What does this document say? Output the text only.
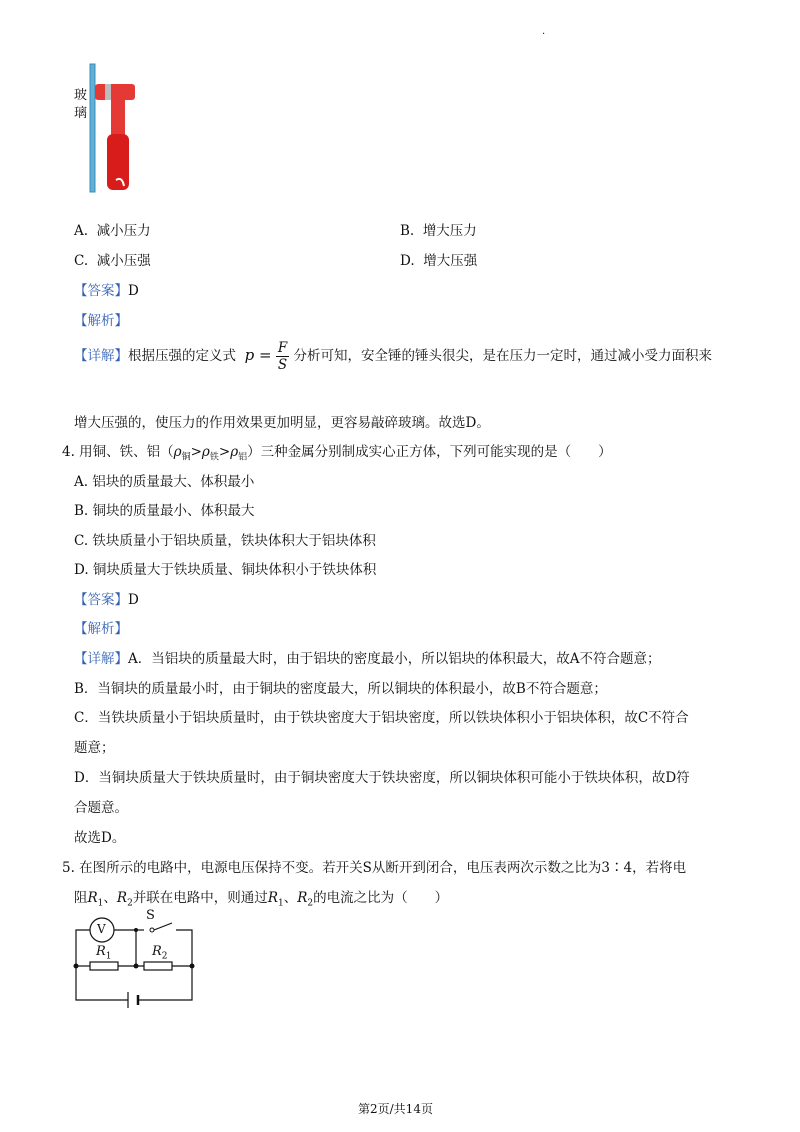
.
玻
璃
A. 减小压力	B. 增大压力
C. 减小压强	D. 增大压强
【答案】D
【解析】
【详解】根据压强的定义式 $p = \frac{F}{S}$ 分析可知，安全锤的锤头很尖，是在压力一定时，通过减小受力面积来
增大压强的，使压力的作用效果更加明显，更容易敲碎玻璃。故选D。
4. 用铜、铁、铝$(\rho_铜>\rho_铁>\rho_铝)$三种金属分别制成实心正方体，下列可能实现的是（　　）
A. 铝块的质量最大、体积最小
B. 铜块的质量最小、体积最大
C. 铁块质量小于铝块质量，铁块体积大于铝块体积
D. 铜块质量大于铁块质量、铜块体积小于铁块体积
【答案】D
【解析】
【详解】A．当铝块的质量最大时，由于铝块的密度最小，所以铝块的体积最大，故A不符合题意；
B．当铜块的质量最小时，由于铜块的密度最大，所以铜块的体积最小，故B不符合题意；
C．当铁块质量小于铝块质量时，由于铁块密度大于铝块密度，所以铁块体积小于铝块体积，故C不符合
题意；
D．当铜块质量大于铁块质量时，由于铜块密度大于铁块密度，所以铜块体积可能小于铁块体积，故D符
合题意。
故选D。
5. 在图所示的电路中，电源电压保持不变。若开关S从断开到闭合，电压表两次示数之比为3∶4，若将电
阻$R_1$、$R_2$并联在电路中，则通过$R_1$、$R_2$的电流之比为（　　）
V
S
$R_1$	$R_2$
第2页/共14页
